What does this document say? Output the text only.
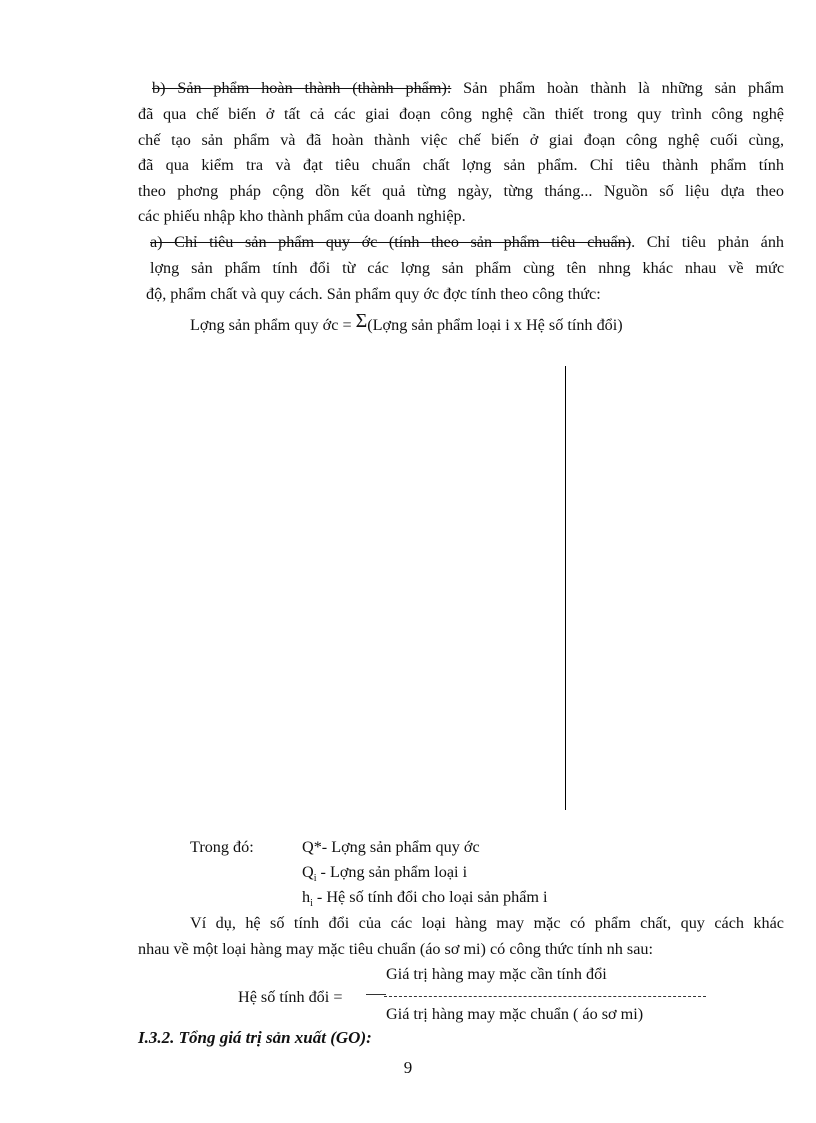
b) Sản phẩm hoàn thành (thành phẩm): Sản phẩm hoàn thành là những sản phẩm
đã qua chế biến ở tất cả các giai đoạn công nghệ cần thiết trong quy trình công nghệ
chế tạo sản phẩm và đã hoàn thành việc chế biến ở giai đoạn công nghệ cuối cùng,
đã qua kiểm tra và đạt tiêu chuẩn chất lợng sản phẩm. Chỉ tiêu thành phẩm tính
theo phơng pháp cộng dồn kết quả từng ngày, từng tháng... Nguồn số liệu dựa theo
các phiếu nhập kho thành phẩm của doanh nghiệp.
a) Chỉ tiêu sản phẩm quy ớc (tính theo sản phẩm tiêu chuẩn). Chỉ tiêu phản ánh
lợng sản phẩm tính đổi từ các lợng sản phẩm cùng tên nhng khác nhau về mức
độ, phẩm chất và quy cách. Sản phẩm quy ớc đợc tính theo công thức:
Lợng sản phẩm quy ớc = Σ(Lợng sản phẩm loại i x Hệ số tính đổi)
Trong đó:	Q*- Lợng sản phẩm quy ớc
$Q_i$ - Lợng sản phẩm loại i
$h_i$ - Hệ số tính đổi cho loại sản phẩm i
Ví dụ, hệ số tính đổi của các loại hàng may mặc có phẩm chất, quy cách khác
nhau về một loại hàng may mặc tiêu chuẩn (áo sơ mi) có công thức tính nh sau:
Giá trị hàng may mặc cần tính đổi
Hệ số tính đổi =
Giá trị hàng may mặc chuẩn ( áo sơ mi)
I.3.2. Tổng giá trị sản xuất (GO):
9
